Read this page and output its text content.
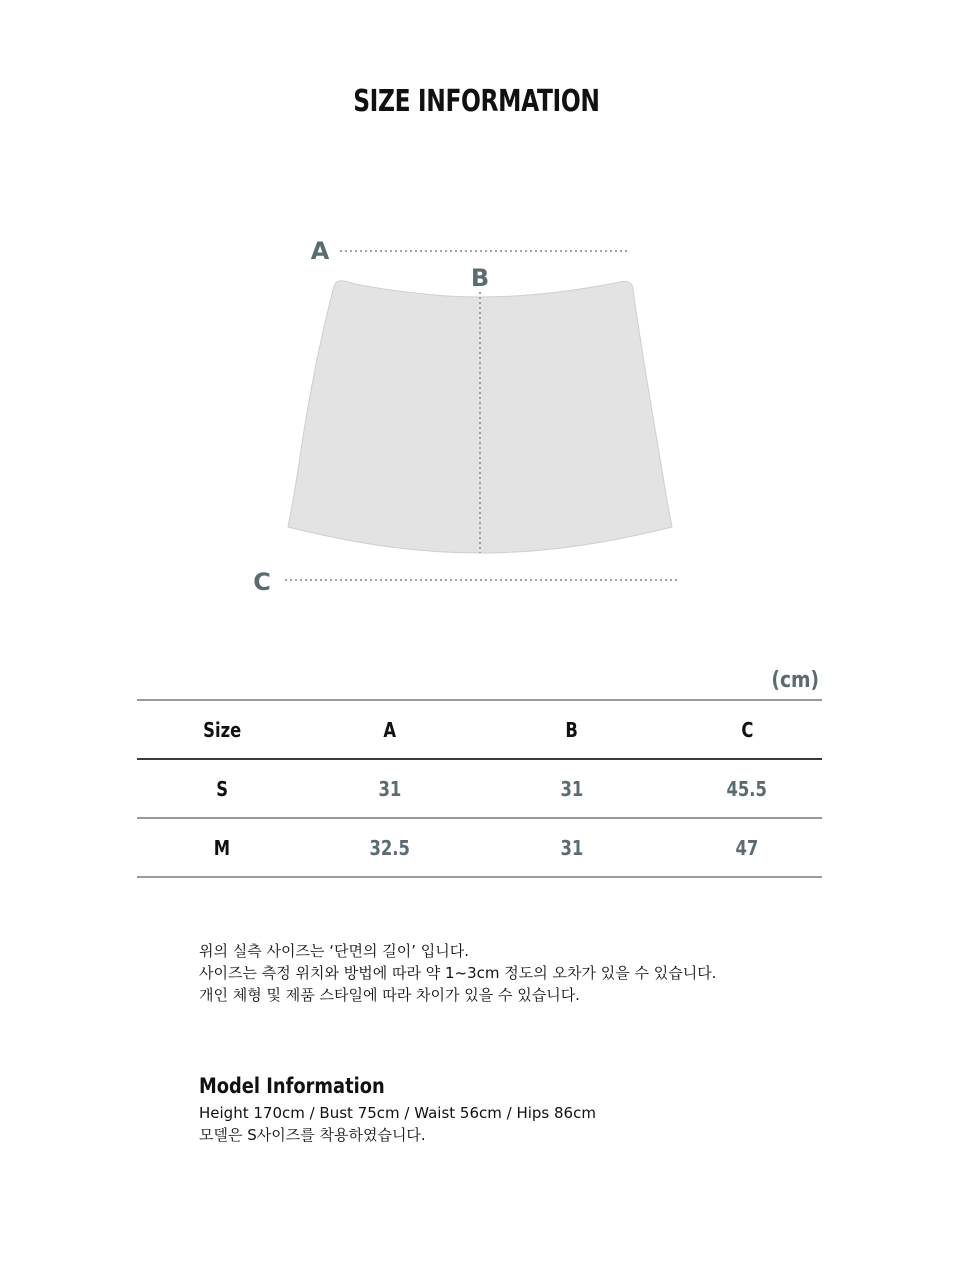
SIZE INFORMATION
A
B
C
(cm)
Size	A	B	C
S	31	31	45.5
M	32.5	31	47

위의 실측 사이즈는 ‘단면의 길이’ 입니다.

사이즈는 측정 위치와 방법에 따라 약 1~3cm 정도의 오차가 있을 수 있습니다.

개인 체형 및 제품 스타일에 따라 차이가 있을 수 있습니다.

Model Information

Height 170cm / Bust 75cm / Waist 56cm / Hips 86cm

모델은 S사이즈를 착용하였습니다.
